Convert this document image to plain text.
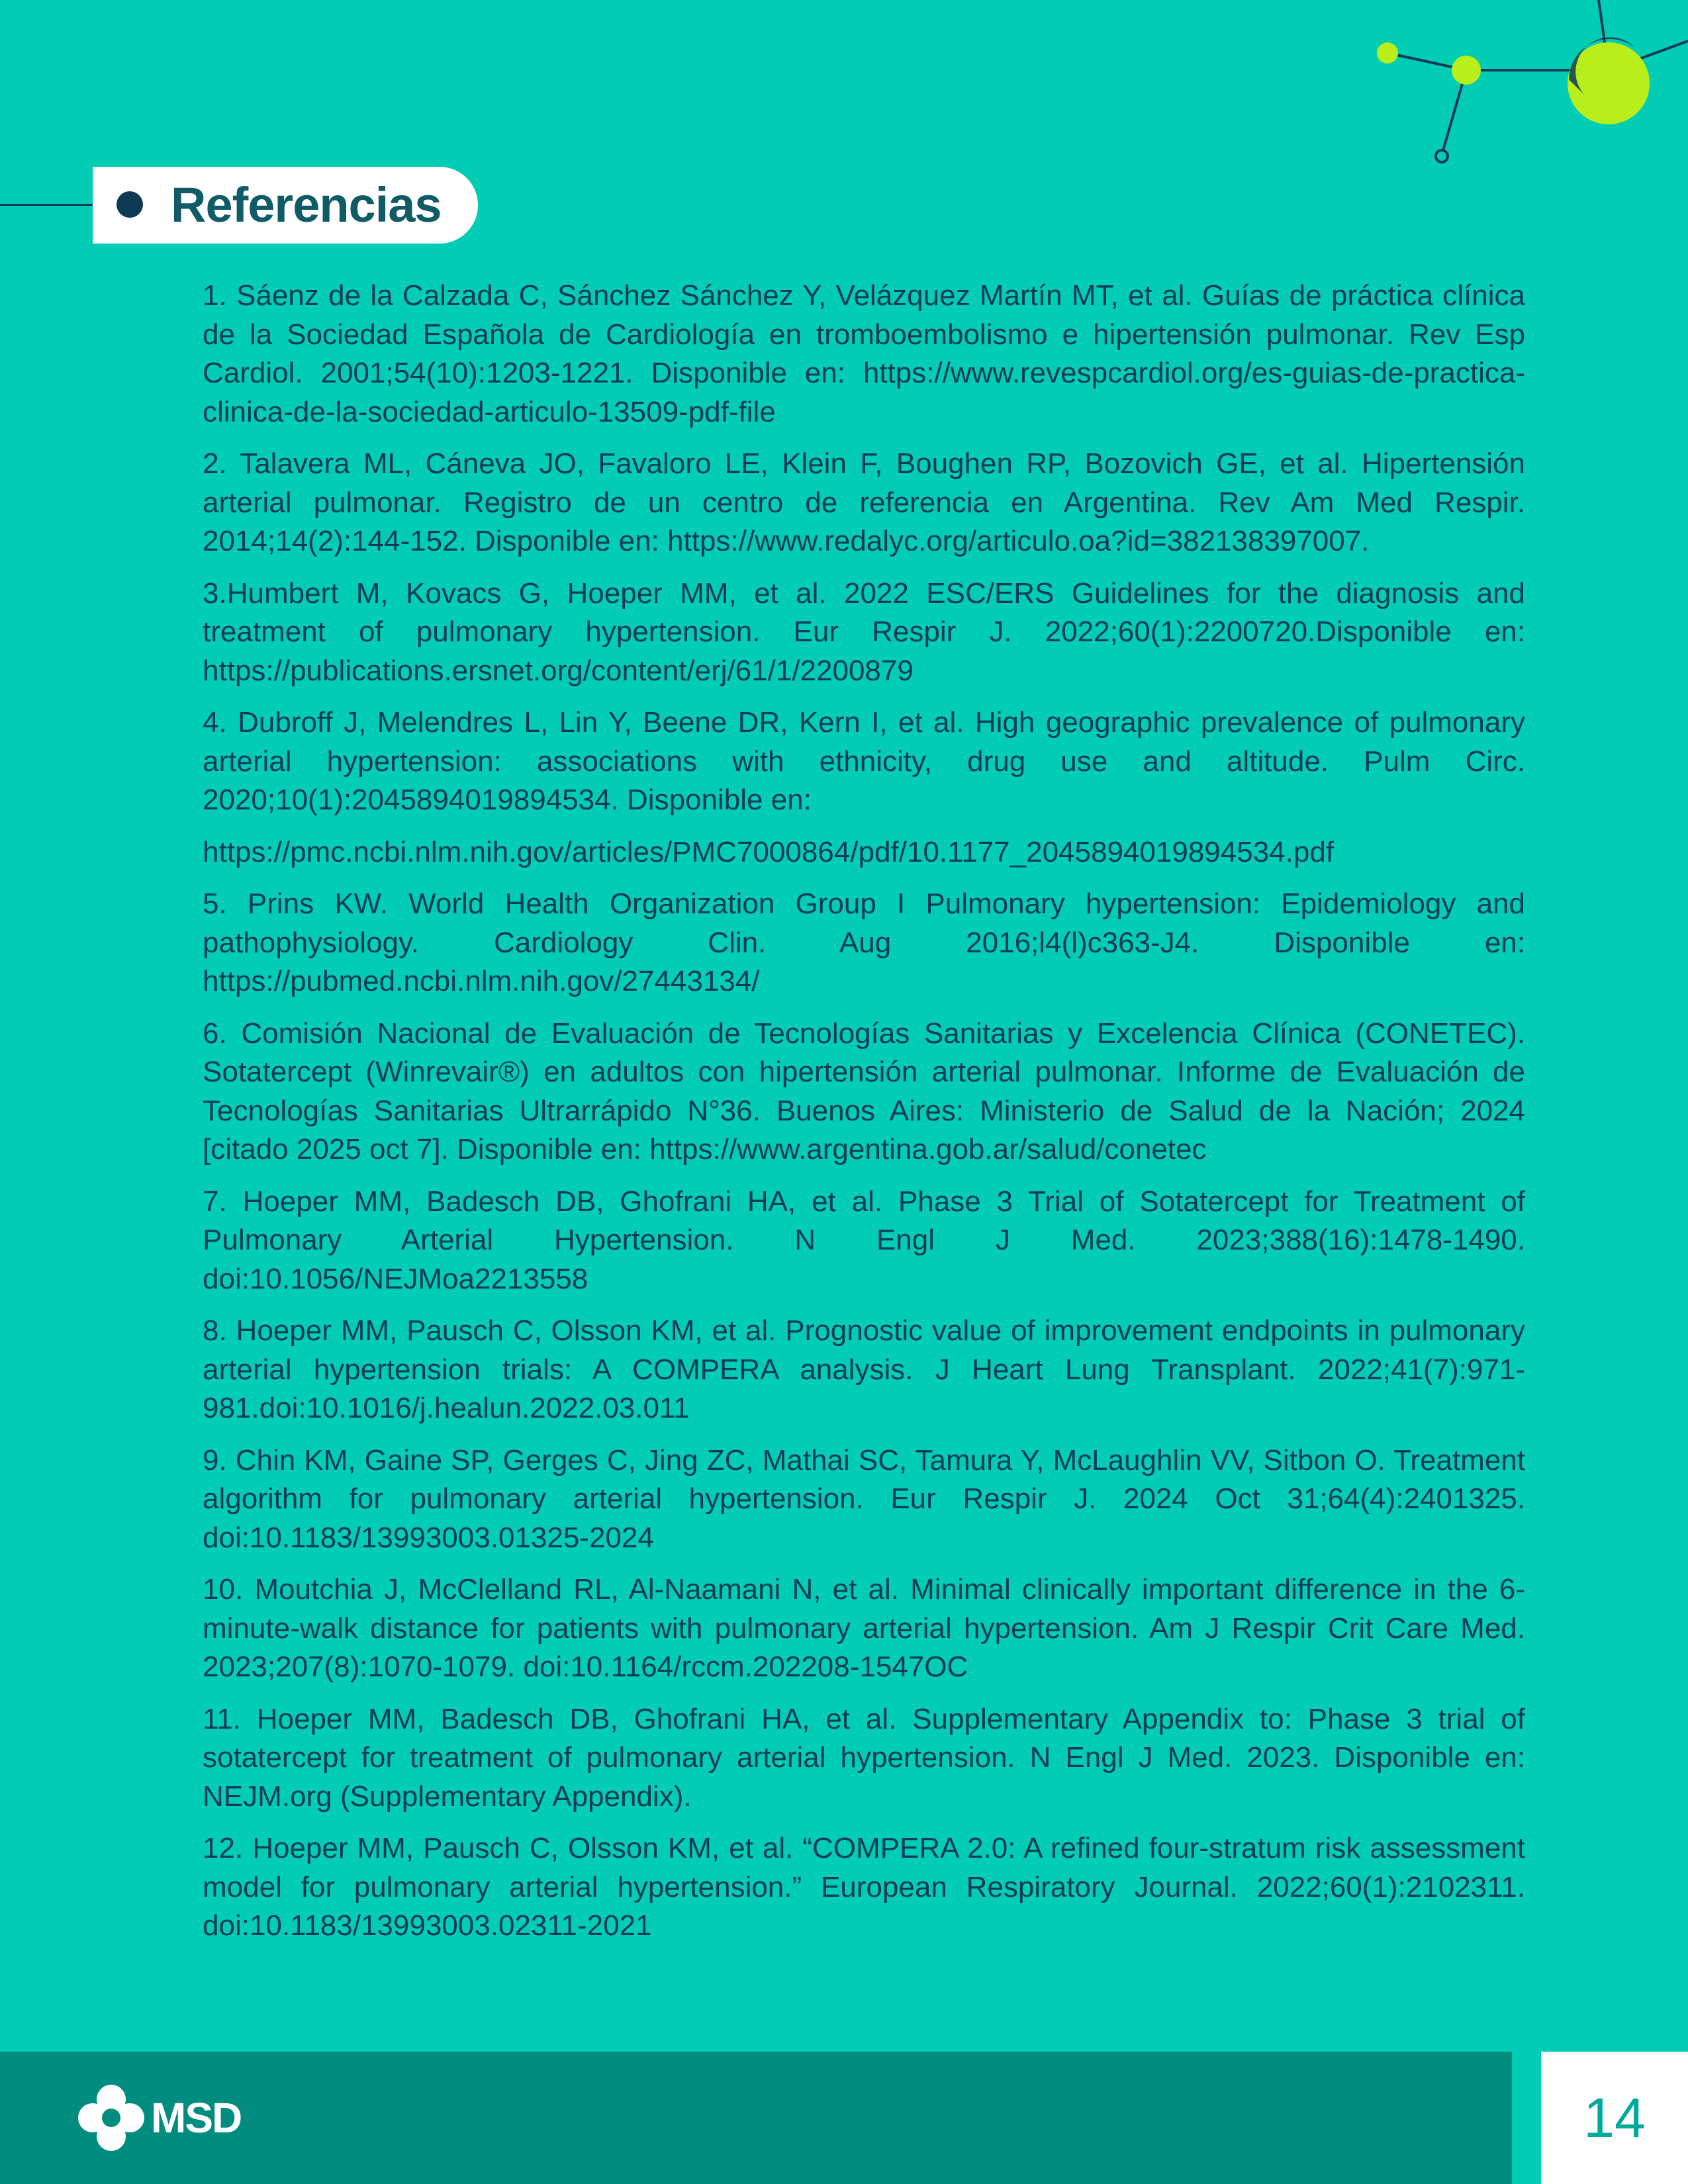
Referencias

1. Sáenz de la Calzada C, Sánchez Sánchez Y, Velázquez Martín MT, et al. Guías de práctica clínica de la Sociedad Española de Cardiología en tromboembolismo e hipertensión pulmonar. Rev Esp Cardiol. 2001;54(10):1203-1221. Disponible en: https://www.revespcardiol.org/es-guias-de-practica-clinica-de-la-sociedad-articulo-13509-pdf-file

2. Talavera ML, Cáneva JO, Favaloro LE, Klein F, Boughen RP, Bozovich GE, et al. Hipertensión arterial pulmonar. Registro de un centro de referencia en Argentina. Rev Am Med Respir. 2014;14(2):144-152. Disponible en: https://www.redalyc.org/articulo.oa?id=382138397007.

3.Humbert M, Kovacs G, Hoeper MM, et al. 2022 ESC/ERS Guidelines for the diagnosis and treatment of pulmonary hypertension. Eur Respir J. 2022;60(1):2200720.Disponible en: https://publications.ersnet.org/content/erj/61/1/2200879

4. Dubroff J, Melendres L, Lin Y, Beene DR, Kern I, et al. High geographic prevalence of pulmonary arterial hypertension: associations with ethnicity, drug use and altitude. Pulm Circ. 2020;10(1):2045894019894534. Disponible en:

https://pmc.ncbi.nlm.nih.gov/articles/PMC7000864/pdf/10.1177_2045894019894534.pdf

5. Prins KW. World Health Organization Group I Pulmonary hypertension: Epidemiology and pathophysiology. Cardiology Clin. Aug 2016;l4(l)c363-J4. Disponible en: https://pubmed.ncbi.nlm.nih.gov/27443134/

6. Comisión Nacional de Evaluación de Tecnologías Sanitarias y Excelencia Clínica (CONETEC). Sotatercept (Winrevair®) en adultos con hipertensión arterial pulmonar. Informe de Evaluación de Tecnologías Sanitarias Ultrarrápido N°36. Buenos Aires: Ministerio de Salud de la Nación; 2024 [citado 2025 oct 7]. Disponible en: https://www.argentina.gob.ar/salud/conetec

7. Hoeper MM, Badesch DB, Ghofrani HA, et al. Phase 3 Trial of Sotatercept for Treatment of Pulmonary Arterial Hypertension. N Engl J Med. 2023;388(16):1478-1490. doi:10.1056/NEJMoa2213558

8. Hoeper MM, Pausch C, Olsson KM, et al. Prognostic value of improvement endpoints in pulmonary arterial hypertension trials: A COMPERA analysis. J Heart Lung Transplant. 2022;41(7):971-981.doi:10.1016/j.healun.2022.03.011

9. Chin KM, Gaine SP, Gerges C, Jing ZC, Mathai SC, Tamura Y, McLaughlin VV, Sitbon O. Treatment algorithm for pulmonary arterial hypertension. Eur Respir J. 2024 Oct 31;64(4):2401325. doi:10.1183/13993003.01325-2024

10. Moutchia J, McClelland RL, Al-Naamani N, et al. Minimal clinically important difference in the 6-minute-walk distance for patients with pulmonary arterial hypertension. Am J Respir Crit Care Med. 2023;207(8):1070-1079. doi:10.1164/rccm.202208-1547OC

11. Hoeper MM, Badesch DB, Ghofrani HA, et al. Supplementary Appendix to: Phase 3 trial of sotatercept for treatment of pulmonary arterial hypertension. N Engl J Med. 2023. Disponible en: NEJM.org (Supplementary Appendix).

12. Hoeper MM, Pausch C, Olsson KM, et al. “COMPERA 2.0: A refined four-stratum risk assessment model for pulmonary arterial hypertension.” European Respiratory Journal. 2022;60(1):2102311. doi:10.1183/13993003.02311-2021

14
MSD
